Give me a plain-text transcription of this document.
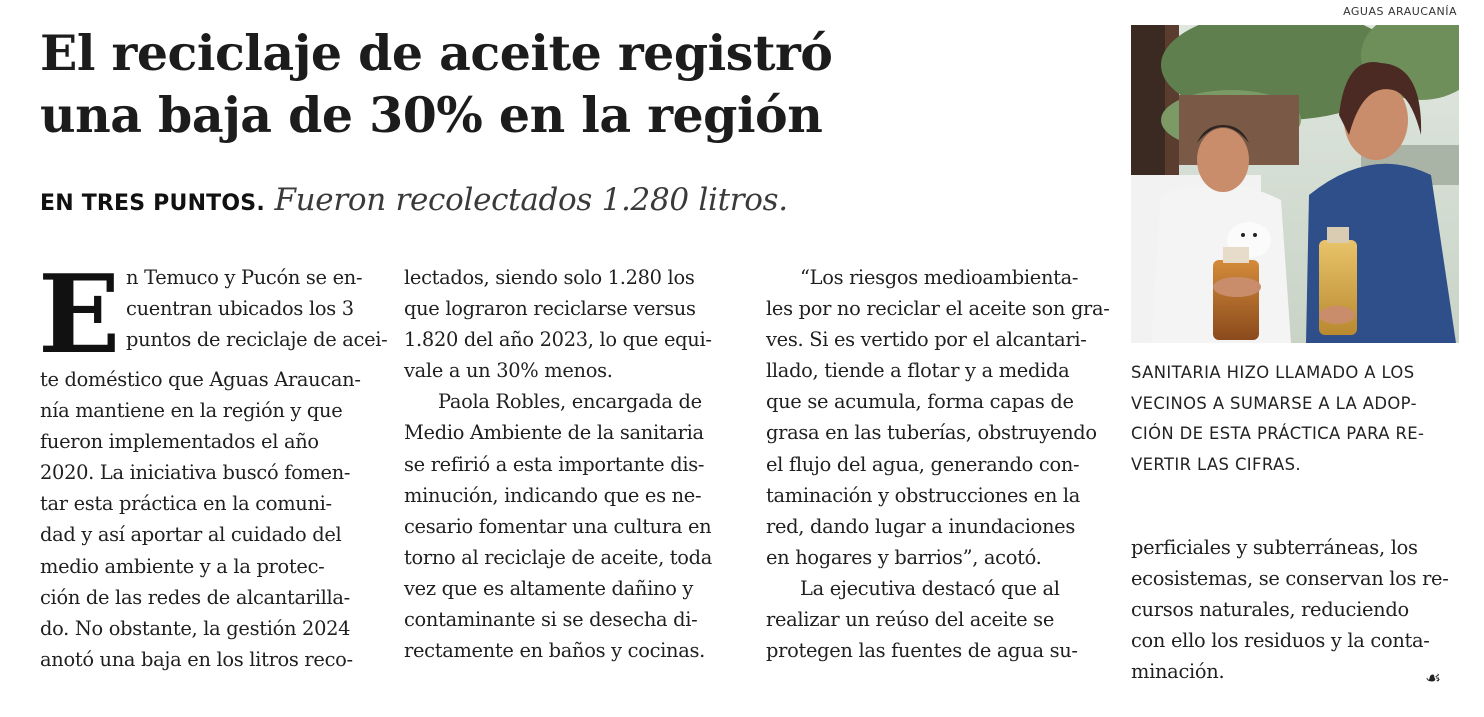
El reciclaje de aceite registró
una baja de 30% en la región
EN TRES PUNTOS. Fueron recolectados 1.280 litros.
E n Temuco y Pucón se en-
cuentran ubicados los 3
puntos de reciclaje de acei-
te doméstico que Aguas Araucan-
nía mantiene en la región y que
fueron implementados el año
2020. La iniciativa buscó fomen-
tar esta práctica en la comuni-
dad y así aportar al cuidado del
medio ambiente y a la protec-
ción de las redes de alcantarilla-
do. No obstante, la gestión 2024
anotó una baja en los litros reco-
lectados, siendo solo 1.280 los
que lograron reciclarse versus
1.820 del año 2023, lo que equi-
vale a un 30% menos.
Paola Robles, encargada de
Medio Ambiente de la sanitaria
se refirió a esta importante dis-
minución, indicando que es ne-
cesario fomentar una cultura en
torno al reciclaje de aceite, toda
vez que es altamente dañino y
contaminante si se desecha di-
rectamente en baños y cocinas.
“Los riesgos medioambienta-
les por no reciclar el aceite son gra-
ves. Si es vertido por el alcantari-
llado, tiende a flotar y a medida
que se acumula, forma capas de
grasa en las tuberías, obstruyendo
el flujo del agua, generando con-
taminación y obstrucciones en la
red, dando lugar a inundaciones
en hogares y barrios”, acotó.
La ejecutiva destacó que al
realizar un reúso del aceite se
protegen las fuentes de agua su-
AGUAS ARAUCANÍA
SANITARIA HIZO LLAMADO A LOS
VECINOS A SUMARSE A LA ADOP-
CIÓN DE ESTA PRÁCTICA PARA RE-
VERTIR LAS CIFRAS.
perficiales y subterráneas, los
ecosistemas, se conservan los re-
cursos naturales, reduciendo
con ello los residuos y la conta-
minación.	☙
